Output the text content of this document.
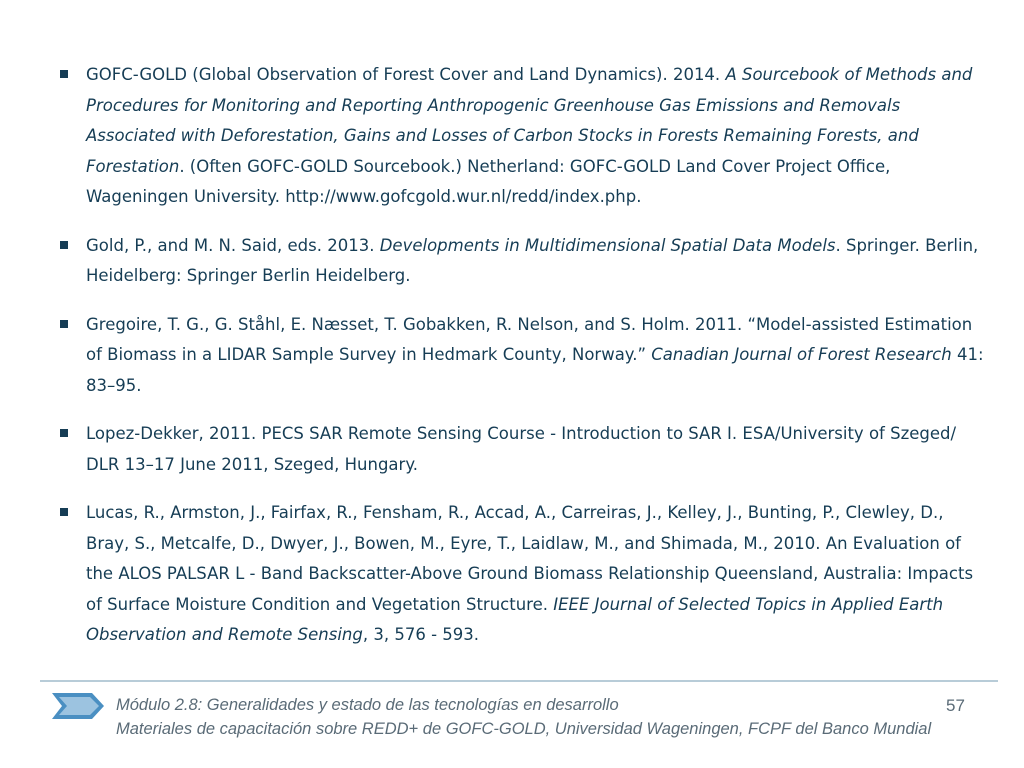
GOFC-GOLD (Global Observation of Forest Cover and Land Dynamics). 2014. A Sourcebook of Methods and Procedures for Monitoring and Reporting Anthropogenic Greenhouse Gas Emissions and Removals Associated with Deforestation, Gains and Losses of Carbon Stocks in Forests Remaining Forests, and Forestation. (Often GOFC-GOLD Sourcebook.) Netherland: GOFC-GOLD Land Cover Project Office, Wageningen University. http://www.gofcgold.wur.nl/redd/index.php.
Gold, P., and M. N. Said, eds. 2013. Developments in Multidimensional Spatial Data Models. Springer. Berlin, Heidelberg: Springer Berlin Heidelberg.
Gregoire, T. G., G. Ståhl, E. Næsset, T. Gobakken, R. Nelson, and S. Holm. 2011. “Model-assisted Estimation of Biomass in a LIDAR Sample Survey in Hedmark County, Norway.” Canadian Journal of Forest Research 41: 83–95.
Lopez-Dekker, 2011. PECS SAR Remote Sensing Course - Introduction to SAR I. ESA/University of Szeged/ DLR 13–17 June 2011, Szeged, Hungary.
Lucas, R., Armston, J., Fairfax, R., Fensham, R., Accad, A., Carreiras, J., Kelley, J., Bunting, P., Clewley, D., Bray, S., Metcalfe, D., Dwyer, J., Bowen, M., Eyre, T., Laidlaw, M., and Shimada, M., 2010. An Evaluation of the ALOS PALSAR L - Band Backscatter-Above Ground Biomass Relationship Queensland, Australia: Impacts of Surface Moisture Condition and Vegetation Structure. IEEE Journal of Selected Topics in Applied Earth Observation and Remote Sensing, 3, 576 - 593.
Módulo 2.8: Generalidades y estado de las tecnologías en desarrollo
Materiales de capacitación sobre REDD+ de GOFC-GOLD, Universidad Wageningen, FCPF del Banco Mundial
57
